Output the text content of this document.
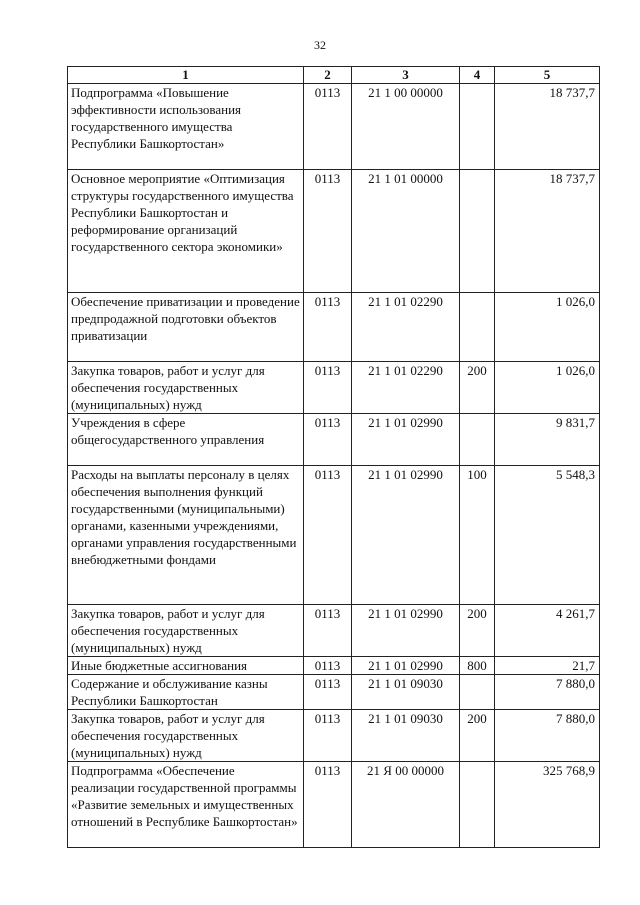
32
1	2	3	4	5
Подпрограмма «Повышение эффективности использования государственного имущества Республики Башкортостан»	0113	21 1 00 00000		18 737,7
Основное мероприятие «Оптимизация структуры государственного имущества Республики Башкортостан и реформирование организаций государственного сектора экономики»	0113	21 1 01 00000		18 737,7
Обеспечение приватизации и проведение предпродажной подготовки объектов приватизации	0113	21 1 01 02290		1 026,0
Закупка товаров, работ и услуг для обеспечения государственных (муниципальных) нужд	0113	21 1 01 02290	200	1 026,0
Учреждения в сфере общегосударственного управления	0113	21 1 01 02990		9 831,7
Расходы на выплаты персоналу в целях обеспечения выполнения функций государственными (муниципальными) органами, казенными учреждениями, органами управления государственными внебюджетными фондами	0113	21 1 01 02990	100	5 548,3
Закупка товаров, работ и услуг для обеспечения государственных (муниципальных) нужд	0113	21 1 01 02990	200	4 261,7
Иные бюджетные ассигнования	0113	21 1 01 02990	800	21,7
Содержание и обслуживание казны Республики Башкортостан	0113	21 1 01 09030		7 880,0
Закупка товаров, работ и услуг для обеспечения государственных (муниципальных) нужд	0113	21 1 01 09030	200	7 880,0
Подпрограмма «Обеспечение реализации государственной программы «Развитие земельных и имущественных отношений в Республике Башкортостан»	0113	21 Я 00 00000		325 768,9
